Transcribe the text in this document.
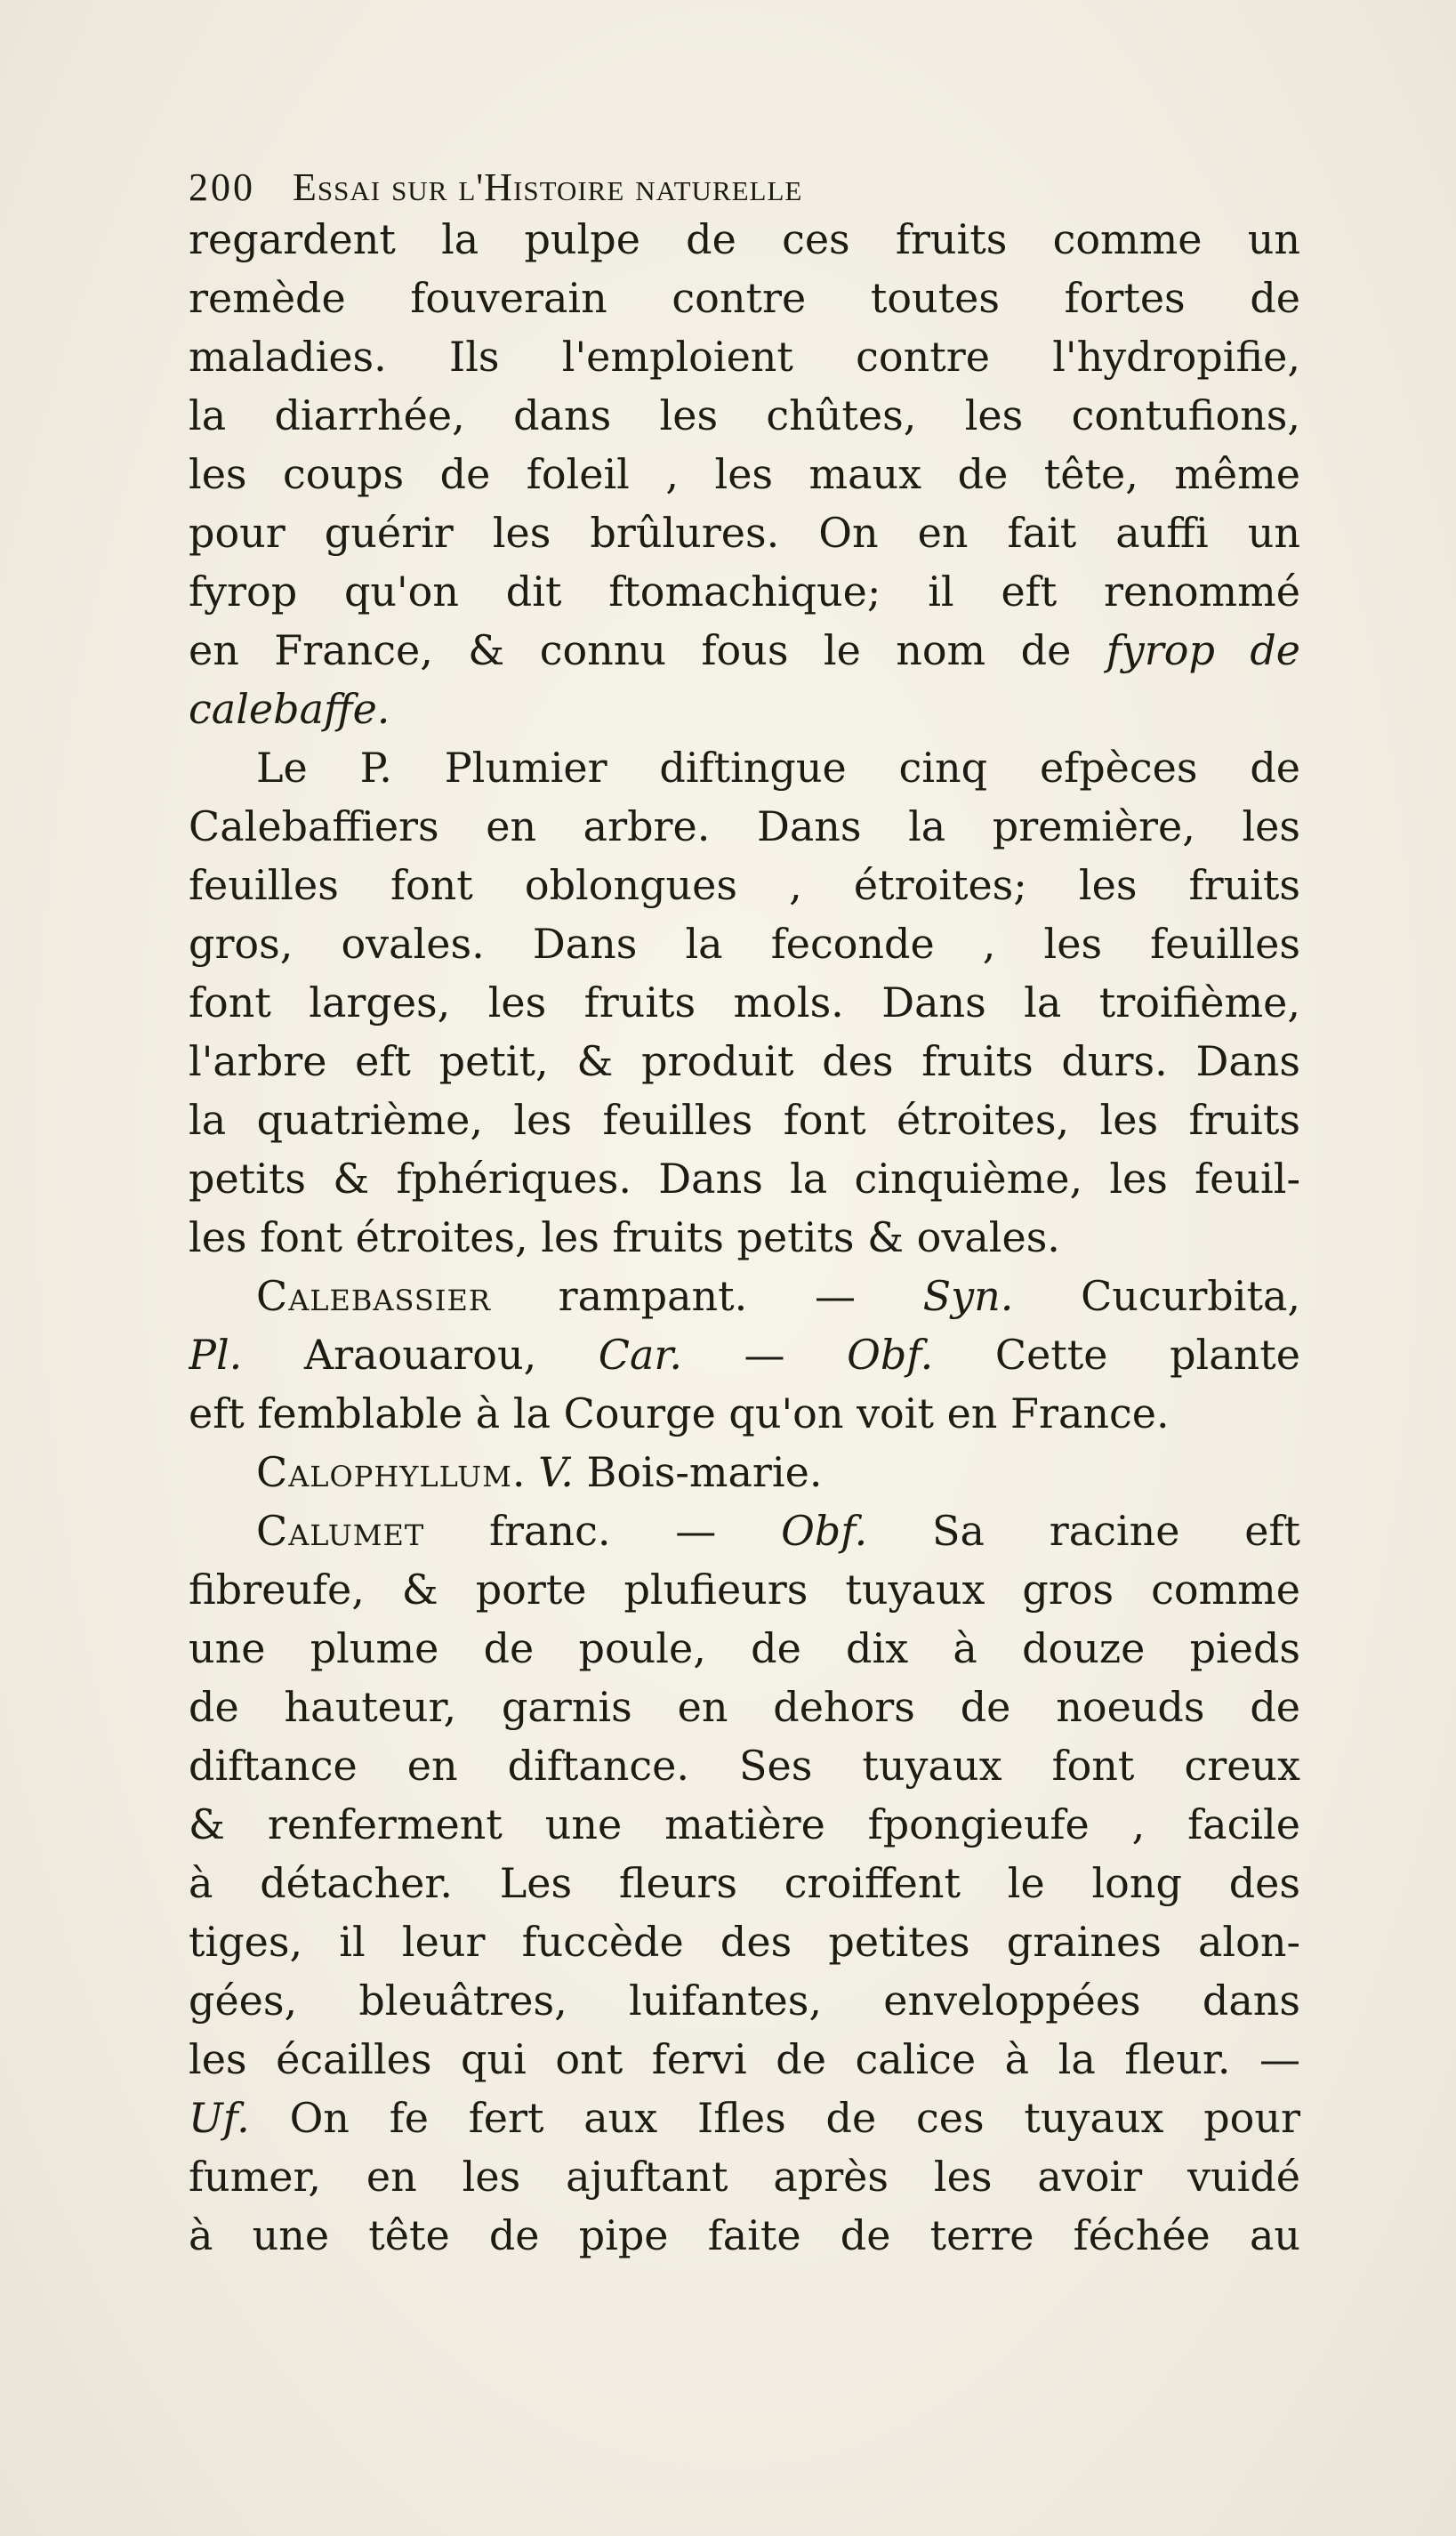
200 Essai sur l'Histoire naturelle
regardent la pulpe de ces fruits comme un
remède fouverain contre toutes fortes de
maladies. Ils l'emploient contre l'hydropifie,
la diarrhée, dans les chûtes, les contufions,
les coups de foleil , les maux de tête, même
pour guérir les brûlures. On en fait auffi un
fyrop qu'on dit ftomachique; il eft renommé
en France, & connu fous le nom de fyrop de
calebaffe.
Le P. Plumier diftingue cinq efpèces de
Calebaffiers en arbre. Dans la première, les
feuilles font oblongues , étroites; les fruits
gros, ovales. Dans la feconde , les feuilles
font larges, les fruits mols. Dans la troifième,
l'arbre eft petit, & produit des fruits durs. Dans
la quatrième, les feuilles font étroites, les fruits
petits & fphériques. Dans la cinquième, les feuil-
les font étroites, les fruits petits & ovales.
Calebassier rampant. — Syn. Cucurbita,
Pl. Araouarou, Car. — Obf. Cette plante
eft femblable à la Courge qu'on voit en France.
Calophyllum. V. Bois-marie.
Calumet franc. — Obf. Sa racine eft
fibreufe, & porte plufieurs tuyaux gros comme
une plume de poule, de dix à douze pieds
de hauteur, garnis en dehors de noeuds de
diftance en diftance. Ses tuyaux font creux
& renferment une matière fpongieufe , facile
à détacher. Les fleurs croiffent le long des
tiges, il leur fuccède des petites graines alon-
gées, bleuâtres, luifantes, enveloppées dans
les écailles qui ont fervi de calice à la fleur. —
Uf. On fe fert aux Ifles de ces tuyaux pour
fumer, en les ajuftant après les avoir vuidé
à une tête de pipe faite de terre féchée au
